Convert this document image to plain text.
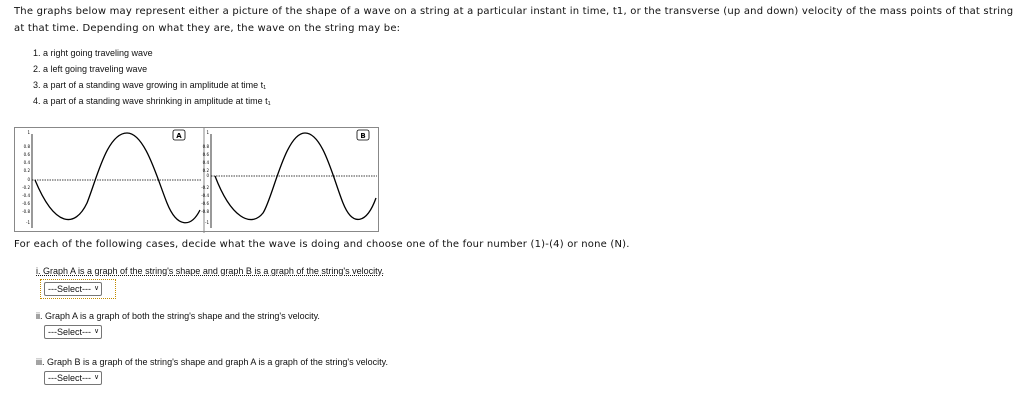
The graphs below may represent either a picture of the shape of a wave on a string at a particular instant in time, t1, or the transverse (up and down) velocity of the mass points of that string at that time. Depending on what they are, the wave on the string may be:
1. a right going traveling wave
2. a left going traveling wave
3. a part of a standing wave growing in amplitude at time t₁
4. a part of a standing wave shrinking in amplitude at time t₁
1
0.8
0.6
0.4
0.2
0
-0.2
-0.4
-0.6
-0.8
-1
A	1
0.8
0.6
0.4
0.2
0
-0.2
-0.4
-0.6
-0.8
-1
B
For each of the following cases, decide what the wave is doing and choose one of the four number (1)-(4) or none (N).
i. Graph A is a graph of the string's shape and graph B is a graph of the string's velocity.
---Select--- ∨
ii. Graph A is a graph of both the string's shape and the string's velocity.
---Select--- ∨
iii. Graph B is a graph of the string's shape and graph A is a graph of the string's velocity.
---Select--- ∨
